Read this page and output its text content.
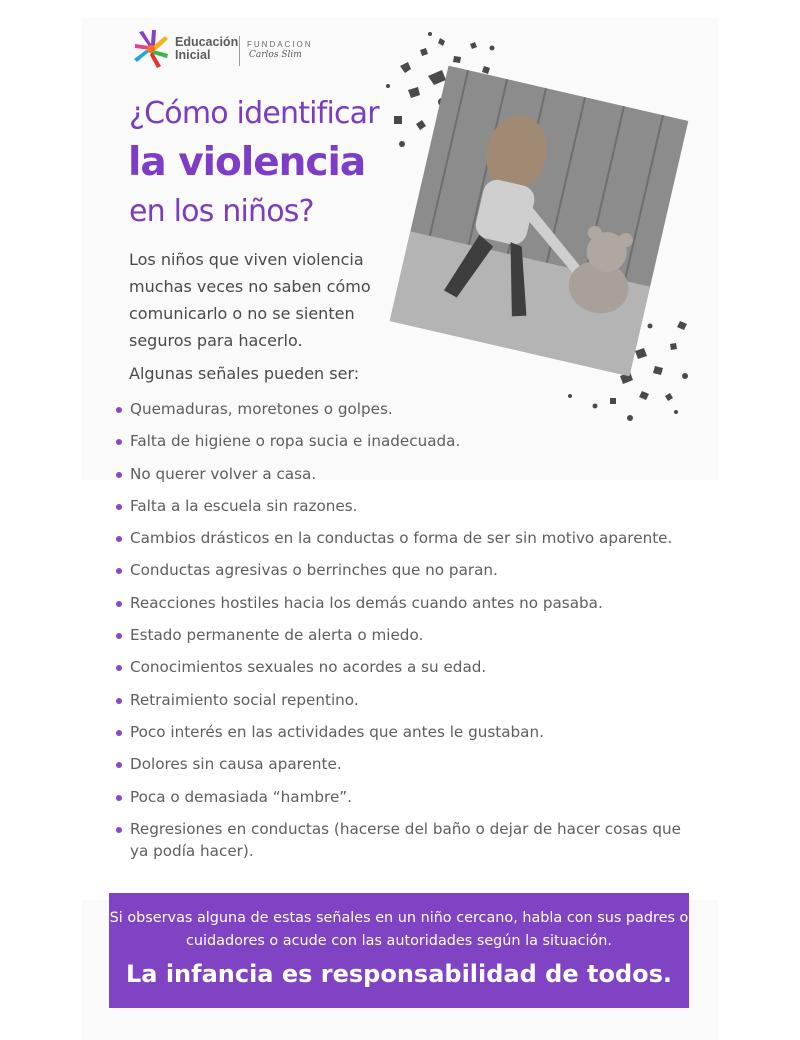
Educación
Inicial
FUNDACION
Carlos Slim
¿Cómo identificar
la violencia
en los niños?
Los niños que viven violencia
muchas veces no saben cómo
comunicarlo o no se sienten
seguros para hacerlo.
Algunas señales pueden ser:
Quemaduras, moretones o golpes.
Falta de higiene o ropa sucia e inadecuada.
No querer volver a casa.
Falta a la escuela sin razones.
Cambios drásticos en la conductas o forma de ser sin motivo aparente.
Conductas agresivas o berrinches que no paran.
Reacciones hostiles hacia los demás cuando antes no pasaba.
Estado permanente de alerta o miedo.
Conocimientos sexuales no acordes a su edad.
Retraimiento social repentino.
Poco interés en las actividades que antes le gustaban.
Dolores sin causa aparente.
Poca o demasiada “hambre”.
Regresiones en conductas (hacerse del baño o dejar de hacer cosas que ya podía hacer).
Si observas alguna de estas señales en un niño cercano, habla con sus padres o cuidadores o acude con las autoridades según la situación.
La infancia es responsabilidad de todos.
